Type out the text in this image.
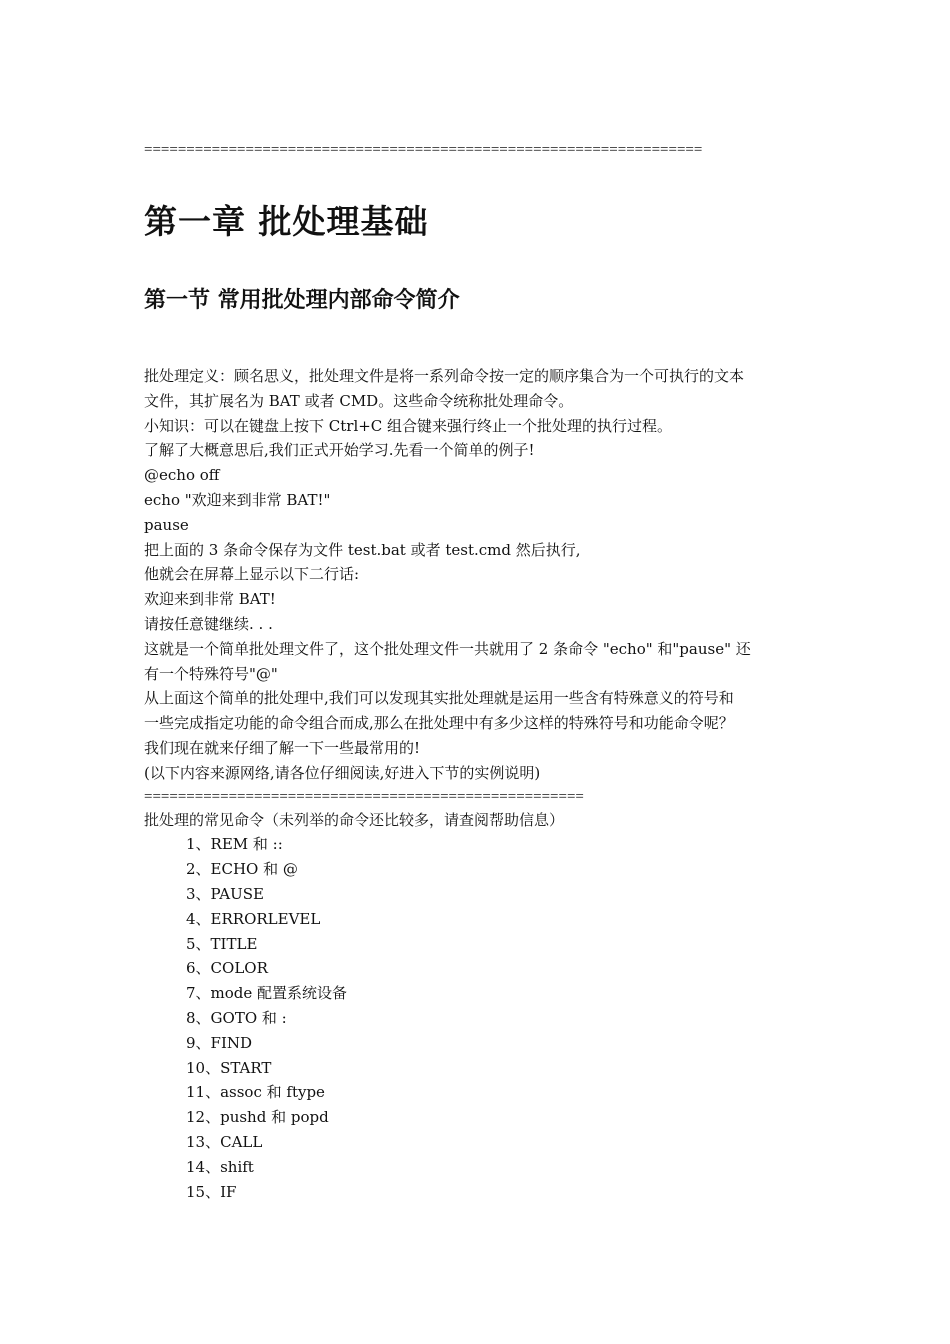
==================================================================
第一章 批处理基础
第一节 常用批处理内部命令简介

批处理定义：顾名思义，批处理文件是将一系列命令按一定的顺序集合为一个可执行的文本

文件，其扩展名为 BAT 或者 CMD。这些命令统称批处理命令。

小知识：可以在键盘上按下 Ctrl+C 组合键来强行终止一个批处理的执行过程。

了解了大概意思后,我们正式开始学习.先看一个简单的例子!

@echo off

echo "欢迎来到非常 BAT!"

pause

把上面的 3 条命令保存为文件 test.bat 或者 test.cmd 然后执行,

他就会在屏幕上显示以下二行话:

欢迎来到非常 BAT!

请按任意键继续. . .

这就是一个简单批处理文件了，这个批处理文件一共就用了 2 条命令 "echo" 和"pause" 还

有一个特殊符号"@"

从上面这个简单的批处理中,我们可以发现其实批处理就是运用一些含有特殊意义的符号和

一些完成指定功能的命令组合而成,那么在批处理中有多少这样的特殊符号和功能命令呢？

我们现在就来仔细了解一下一些最常用的!

(以下内容来源网络,请各位仔细阅读,好进入下节的实例说明)

====================================================

批处理的常见命令（未列举的命令还比较多，请查阅帮助信息）

1、REM 和 ::
2、ECHO 和 @
3、PAUSE
4、ERRORLEVEL
5、TITLE
6、COLOR
7、mode 配置系统设备
8、GOTO 和 :
9、FIND
10、START
11、assoc 和 ftype
12、pushd 和 popd
13、CALL
14、shift
15、IF
